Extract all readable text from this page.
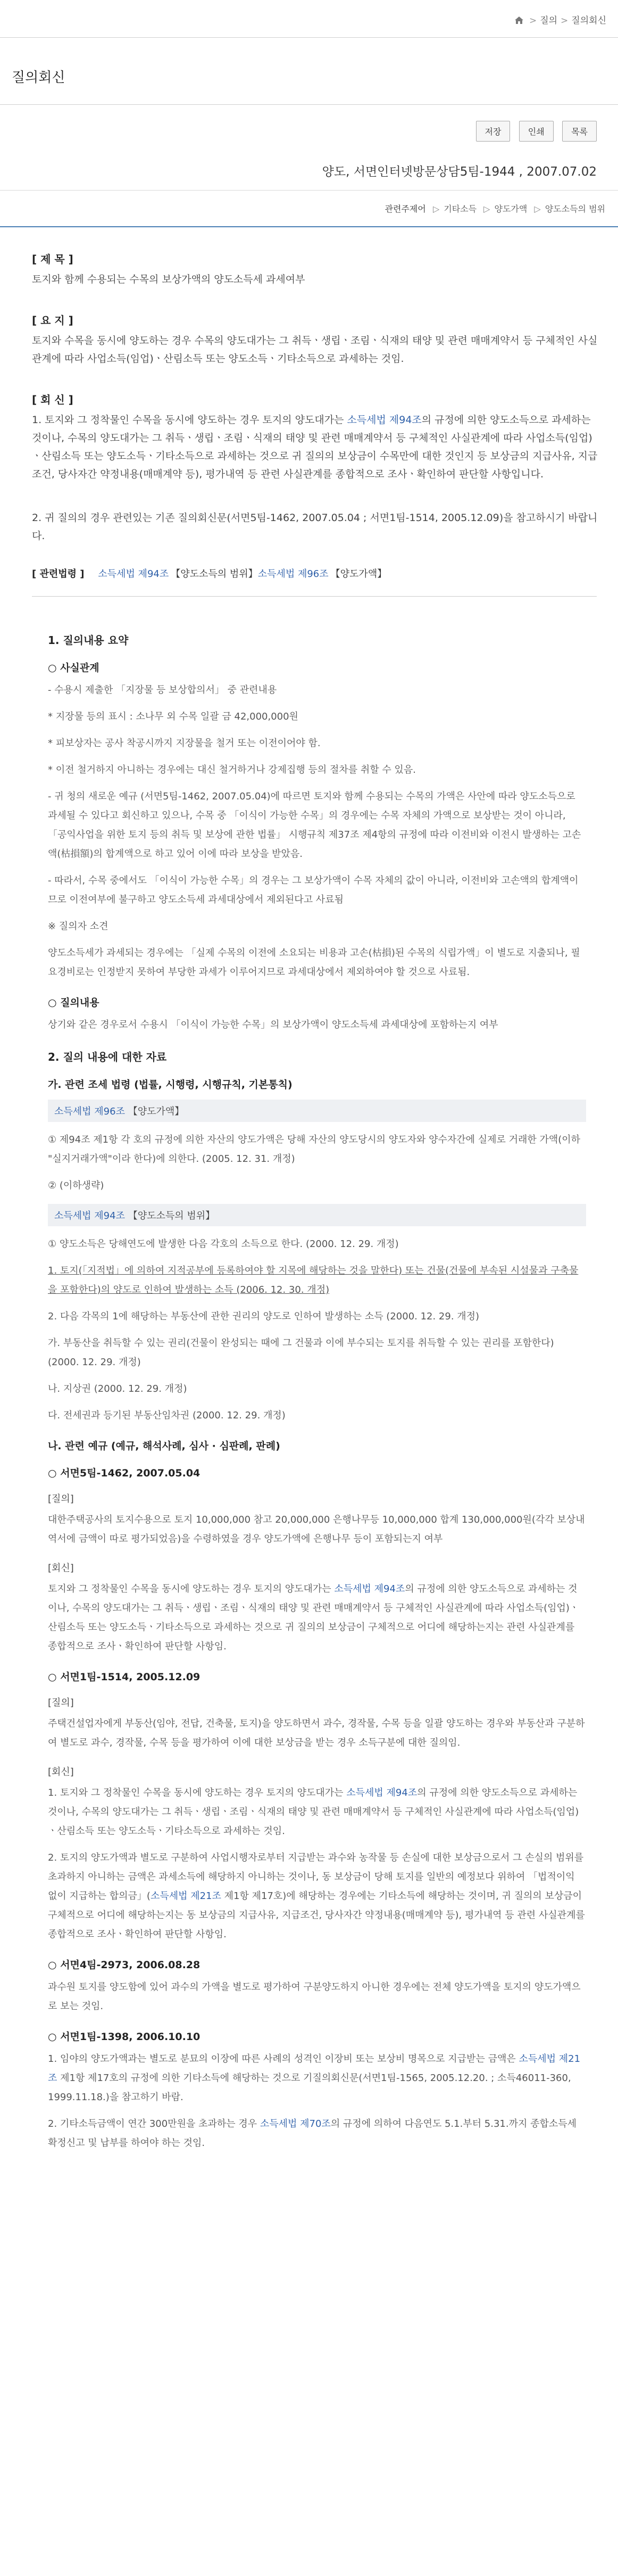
> 질의 > 질의회신
질의회신
저장	인쇄	목록
양도, 서면인터넷방문상담5팀-1944 , 2007.07.02
관련주제어 ▷ 기타소득 ▷ 양도가액 ▷ 양도소득의 범위
[ 제 목 ]
토지와 함께 수용되는 수목의 보상가액의 양도소득세 과세여부
[ 요 지 ]
토지와 수목을 동시에 양도하는 경우 수목의 양도대가는 그 취득ㆍ생립ㆍ조림ㆍ식재의 태양 및 관련 매매계약서 등 구체적인 사실관계에 따라 사업소득(임업)ㆍ산림소득 또는 양도소득ㆍ기타소득으로 과세하는 것임.
[ 회 신 ]
1. 토지와 그 정착물인 수목을 동시에 양도하는 경우 토지의 양도대가는 소득세법 제94조의 규정에 의한 양도소득으로 과세하는 것이나, 수목의 양도대가는 그 취득ㆍ생립ㆍ조림ㆍ식재의 태양 및 관련 매매계약서 등 구체적인 사실관계에 따라 사업소득(임업)ㆍ산림소득 또는 양도소득ㆍ기타소득으로 과세하는 것으로 귀 질의의 보상금이 수목만에 대한 것인지 등 보상금의 지급사유, 지급조건, 당사자간 약정내용(매매계약 등), 평가내역 등 관련 사실관계를 종합적으로 조사ㆍ확인하여 판단할 사항입니다.
2. 귀 질의의 경우 관련있는 기존 질의회신문(서면5팀-1462, 2007.05.04 ; 서면1팀-1514, 2005.12.09)을 참고하시기 바랍니다.
[ 관련법령 ] 소득세법 제94조 【양도소득의 범위】소득세법 제96조 【양도가액】
1. 질의내용 요약
○ 사실관계
- 수용시 제출한 「지장물 등 보상합의서」 중 관련내용
* 지장물 등의 표시 : 소나무 외 수목 일괄 금 42,000,000원
* 피보상자는 공사 착공시까지 지장물을 철거 또는 이전이어야 함.
* 이전 철거하지 아니하는 경우에는 대신 철거하거나 강제집행 등의 절차를 취할 수 있음.
- 귀 청의 새로운 예규 (서면5팀-1462, 2007.05.04)에 따르면 토지와 함께 수용되는 수목의 가액은 사안에 따라 양도소득으로 과세될 수 있다고 회신하고 있으나, 수목 중 「이식이 가능한 수목」의 경우에는 수목 자체의 가액으로 보상받는 것이 아니라, 「공익사업을 위한 토지 등의 취득 및 보상에 관한 법률」 시행규칙 제37조 제4항의 규정에 따라 이전비와 이전시 발생하는 고손액(枯損額)의 합계액으로 하고 있어 이에 따라 보상을 받았음.
- 따라서, 수목 중에서도 「이식이 가능한 수목」의 경우는 그 보상가액이 수목 자체의 값이 아니라, 이전비와 고손액의 합계액이므로 이전여부에 불구하고 양도소득세 과세대상에서 제외된다고 사료됨
※ 질의자 소견
양도소득세가 과세되는 경우에는 「실제 수목의 이전에 소요되는 비용과 고손(枯損)된 수목의 식립가액」이 별도로 지출되나, 필요경비로는 인정받지 못하여 부당한 과세가 이루어지므로 과세대상에서 제외하여야 할 것으로 사료됨.
○ 질의내용
상기와 같은 경우로서 수용시 「이식이 가능한 수목」의 보상가액이 양도소득세 과세대상에 포함하는지 여부
2. 질의 내용에 대한 자료
가. 관련 조세 법령 (법률, 시행령, 시행규칙, 기본통칙)
소득세법 제96조 【양도가액】
① 제94조 제1항 각 호의 규정에 의한 자산의 양도가액은 당해 자산의 양도당시의 양도자와 양수자간에 실제로 거래한 가액(이하 "실지거래가액"이라 한다)에 의한다. (2005. 12. 31. 개정)
② (이하생략)
소득세법 제94조 【양도소득의 범위】
① 양도소득은 당해연도에 발생한 다음 각호의 소득으로 한다. (2000. 12. 29. 개정)
1. 토지(「지적법」에 의하여 지적공부에 등록하여야 할 지목에 해당하는 것을 말한다) 또는 건물(건물에 부속된 시설물과 구축물을 포함한다)의 양도로 인하여 발생하는 소득 (2006. 12. 30. 개정)
2. 다음 각목의 1에 해당하는 부동산에 관한 권리의 양도로 인하여 발생하는 소득 (2000. 12. 29. 개정)
가. 부동산을 취득할 수 있는 권리(건물이 완성되는 때에 그 건물과 이에 부수되는 토지를 취득할 수 있는 권리를 포함한다) (2000. 12. 29. 개정)
나. 지상권 (2000. 12. 29. 개정)
다. 전세권과 등기된 부동산임차권 (2000. 12. 29. 개정)
나. 관련 예규 (예규, 해석사례, 심사 · 심판례, 판례)
○ 서면5팀-1462, 2007.05.04
[질의]
대한주택공사의 토지수용으로 토지 10,000,000 참고 20,000,000 은행나무등 10,000,000 합계 130,000,000원(각각 보상내역서에 금액이 따로 평가되었음)을 수령하였을 경우 양도가액에 은행나무 등이 포함되는지 여부
[회신]
토지와 그 정착물인 수목을 동시에 양도하는 경우 토지의 양도대가는 소득세법 제94조의 규정에 의한 양도소득으로 과세하는 것이나, 수목의 양도대가는 그 취득ㆍ생립ㆍ조림ㆍ식재의 태양 및 관련 매매계약서 등 구체적인 사실관계에 따라 사업소득(임업)ㆍ산림소득 또는 양도소득ㆍ기타소득으로 과세하는 것으로 귀 질의의 보상금이 구체적으로 어디에 해당하는지는 관련 사실관계를 종합적으로 조사ㆍ확인하여 판단할 사항임.
○ 서면1팀-1514, 2005.12.09
[질의]
주택건설업자에게 부동산(임야, 전답, 건축물, 토지)을 양도하면서 과수, 경작물, 수목 등을 일괄 양도하는 경우와 부동산과 구분하여 별도로 과수, 경작물, 수목 등을 평가하여 이에 대한 보상금을 받는 경우 소득구분에 대한 질의임.
[회신]
1. 토지와 그 정착물인 수목을 동시에 양도하는 경우 토지의 양도대가는 소득세법 제94조의 규정에 의한 양도소득으로 과세하는 것이나, 수목의 양도대가는 그 취득ㆍ생립ㆍ조림ㆍ식재의 태양 및 관련 매매계약서 등 구체적인 사실관계에 따라 사업소득(임업)ㆍ산림소득 또는 양도소득ㆍ기타소득으로 과세하는 것임.
2. 토지의 양도가액과 별도로 구분하여 사업시행자로부터 지급받는 과수와 농작물 등 손실에 대한 보상금으로서 그 손실의 범위를 초과하지 아니하는 금액은 과세소득에 해당하지 아니하는 것이나, 동 보상금이 당해 토지를 일반의 예정보다 위하여 「법적이익 없이 지급하는 합의금」(소득세법 제21조 제1항 제17호)에 해당하는 경우에는 기타소득에 해당하는 것이며, 귀 질의의 보상금이 구체적으로 어디에 해당하는지는 동 보상금의 지급사유, 지급조건, 당사자간 약정내용(매매계약 등), 평가내역 등 관련 사실관계를 종합적으로 조사ㆍ확인하여 판단할 사항임.
○ 서면4팀-2973, 2006.08.28
과수원 토지를 양도함에 있어 과수의 가액을 별도로 평가하여 구분양도하지 아니한 경우에는 전체 양도가액을 토지의 양도가액으로 보는 것임.
○ 서면1팀-1398, 2006.10.10
1. 임야의 양도가액과는 별도로 분묘의 이장에 따른 사례의 성격인 이장비 또는 보상비 명목으로 지급받는 금액은 소득세법 제21조 제1항 제17호의 규정에 의한 기타소득에 해당하는 것으로 기질의회신문(서면1팀-1565, 2005.12.20. ; 소득46011-360, 1999.11.18.)을 참고하기 바람.
2. 기타소득금액이 연간 300만원을 초과하는 경우 소득세법 제70조의 규정에 의하여 다음연도 5.1.부터 5.31.까지 종합소득세 확정신고 및 납부를 하여야 하는 것임.
